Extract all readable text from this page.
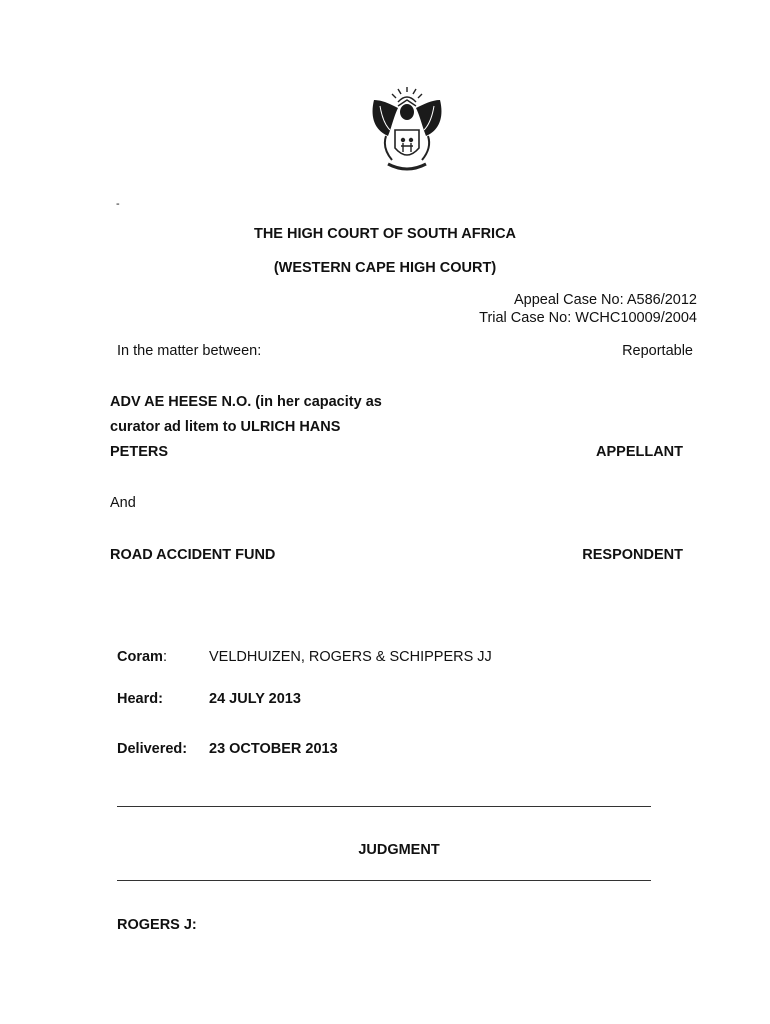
-
THE HIGH COURT OF SOUTH AFRICA
(WESTERN CAPE HIGH COURT)
Appeal Case No: A586/2012
Trial Case No: WCHC10009/2004
In the matter between:	Reportable
ADV AE HEESE N.O. (in her capacity as
curator ad litem to ULRICH HANS
PETERS	APPELLANT
And
ROAD ACCIDENT FUND	RESPONDENT
Coram:	VELDHUIZEN, ROGERS & SCHIPPERS JJ
Heard:	24 JULY 2013
Delivered: 23 OCTOBER 2013
JUDGMENT
ROGERS J:
